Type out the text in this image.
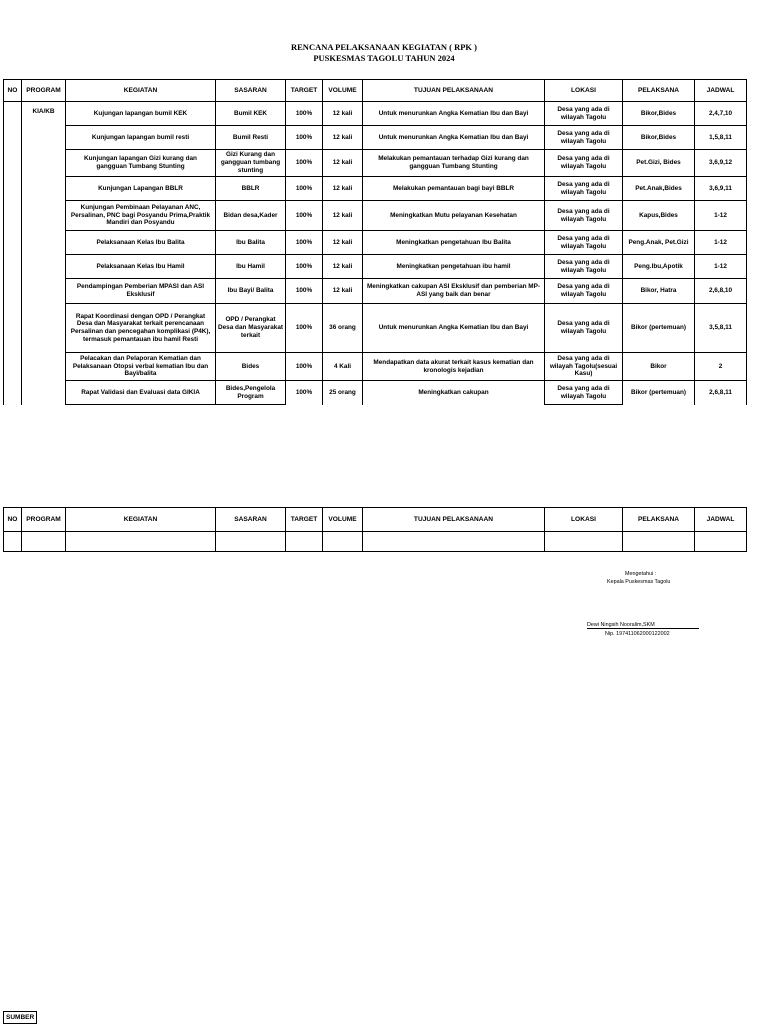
RENCANA PELAKSANAAN KEGIATAN ( RPK )
PUSKESMAS TAGOLU TAHUN 2024
NO	PROGRAM	KEGIATAN	SASARAN	TARGET	VOLUME	TUJUAN PELAKSANAAN	LOKASI	PELAKSANA	JADWAL
	KIA/KB	Kujungan lapangan bumil KEK	Bumil KEK	100%	12 kali	Untuk menurunkan Angka Kematian Ibu dan Bayi	Desa yang ada di wilayah Tagolu	Bikor,Bides	2,4,7,10
		Kunjungan lapangan bumil resti	Bumil Resti	100%	12 kali	Untuk menurunkan Angka Kematian Ibu dan Bayi	Desa yang ada di wilayah Tagolu	Bikor,Bides	1,5,8,11
		Kunjungan lapangan Gizi kurang dan gangguan Tumbang Stunting	Gizi Kurang dan gangguan tumbang stunting	100%	12 kali	Melakukan pemantauan terhadap Gizi kurang dan gangguan Tumbang Stunting	Desa yang ada di wilayah Tagolu	Pet.Gizi, Bides	3,6,9,12
		Kunjungan Lapangan BBLR	BBLR	100%	12 kali	Melakukan pemantauan bagi bayi BBLR	Desa yang ada di wilayah Tagolu	Pet.Anak,Bides	3,6,9,11
		Kunjungan Pembinaan Pelayanan ANC, Persalinan, PNC bagi Posyandu Prima,Praktik Mandiri dan Posyandu	Bidan desa,Kader	100%	12 kali	Meningkatkan Mutu pelayanan Kesehatan	Desa yang ada di wilayah Tagolu	Kapus,Bides	1-12
		Pelaksanaan Kelas Ibu Balita	Ibu Balita	100%	12 kali	Meningkatkan pengetahuan Ibu Balita	Desa yang ada di wilayah Tagolu	Peng.Anak, Pet.Gizi	1-12
		Pelaksanaan Kelas Ibu Hamil	Ibu Hamil	100%	12 kali	Meningkatkan pengetahuan ibu hamil	Desa yang ada di wilayah Tagolu	Peng.Ibu,Apotik	1-12
		Pendampingan Pemberian MPASI dan ASI Eksklusif	Ibu Bayi/ Balita	100%	12 kali	Meningkatkan cakupan ASI Eksklusif dan pemberian MP-ASI yang baik dan benar	Desa yang ada di wilayah Tagolu	Bikor, Hatra	2,6,8,10
		Rapat Koordinasi dengan OPD / Perangkat Desa dan Masyarakat terkait perencanaan Persalinan dan pencegahan komplikasi (P4K), termasuk pemantauan ibu hamil Resti	OPD / Perangkat Desa dan Masyarakat terkait	100%	36 orang	Untuk menurunkan Angka Kematian Ibu dan Bayi	Desa yang ada di wilayah Tagolu	Bikor (pertemuan)	3,5,8,11
		Pelacakan dan Pelaporan Kematian dan Pelaksanaan Otopsi verbal kematian Ibu dan Bayi/balita	Bides	100%	4 Kali	Mendapatkan data akurat terkait kasus kematian dan kronologis kejadian	Desa yang ada di wilayah Tagolu(sesuai Kasu)	Bikor	2
		Rapat Validasi dan Evaluasi data GIKIA	Bides,Pengelola Program	100%	25 orang	Meningkatkan cakupan	Desa yang ada di wilayah Tagolu	Bikor (pertemuan)	2,6,8,11
NO	PROGRAM	KEGIATAN	SASARAN	TARGET	VOLUME	TUJUAN PELAKSANAAN	LOKASI	PELAKSANA	JADWAL

Mengetahui :
Kepala Puskesmas Tagolu
Dewi Ningsih Nooralim,SKM
Nip. 197411062000122002
SUMBER
